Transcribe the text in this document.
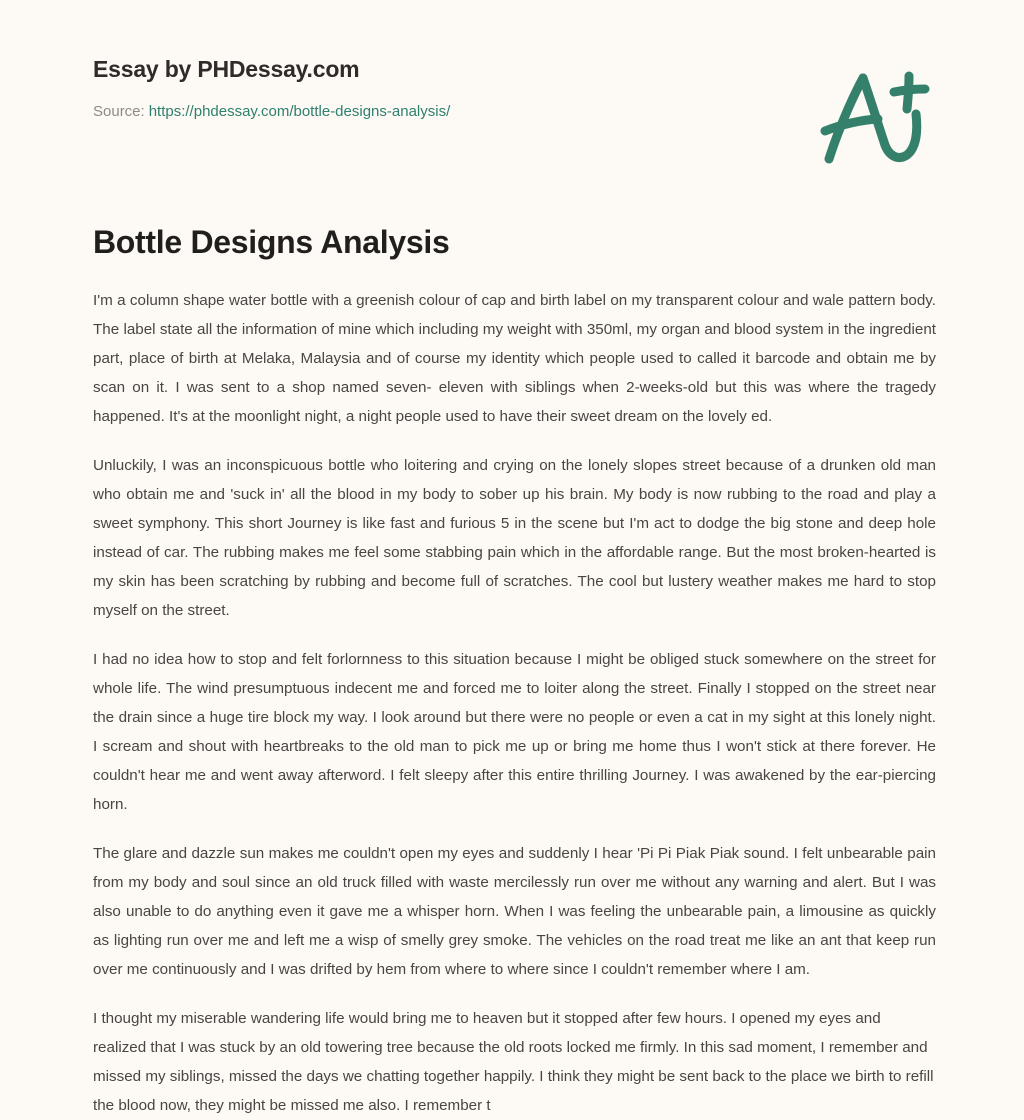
Essay by PHDessay.com
Source: https://phdessay.com/bottle-designs-analysis/
Bottle Designs Analysis

I'm a column shape water bottle with a greenish colour of cap and birth label on my transparent colour and wale pattern body. The label state all the information of mine which including my weight with 350ml, my organ and blood system in the ingredient part, place of birth at Melaka, Malaysia and of course my identity which people used to called it barcode and obtain me by scan on it. I was sent to a shop named seven- eleven with siblings when 2-weeks-old but this was where the tragedy happened. It's at the moonlight night, a night people used to have their sweet dream on the lovely ed.

Unluckily, I was an inconspicuous bottle who loitering and crying on the lonely slopes street because of a drunken old man who obtain me and 'suck in' all the blood in my body to sober up his brain. My body is now rubbing to the road and play a sweet symphony. This short Journey is like fast and furious 5 in the scene but I'm act to dodge the big stone and deep hole instead of car. The rubbing makes me feel some stabbing pain which in the affordable range. But the most broken-hearted is my skin has been scratching by rubbing and become full of scratches. The cool but lustery weather makes me hard to stop myself on the street.

I had no idea how to stop and felt forlornness to this situation because I might be obliged stuck somewhere on the street for whole life. The wind presumptuous indecent me and forced me to loiter along the street. Finally I stopped on the street near the drain since a huge tire block my way. I look around but there were no people or even a cat in my sight at this lonely night. I scream and shout with heartbreaks to the old man to pick me up or bring me home thus I won't stick at there forever. He couldn't hear me and went away afterword. I felt sleepy after this entire thrilling Journey. I was awakened by the ear-piercing horn.

The glare and dazzle sun makes me couldn't open my eyes and suddenly I hear 'Pi Pi Piak Piak sound. I felt unbearable pain from my body and soul since an old truck filled with waste mercilessly run over me without any warning and alert. But I was also unable to do anything even it gave me a whisper horn. When I was feeling the unbearable pain, a limousine as quickly as lighting run over me and left me a wisp of smelly grey smoke. The vehicles on the road treat me like an ant that keep run over me continuously and I was drifted by hem from where to where since I couldn't remember where I am.

I thought my miserable wandering life would bring me to heaven but it stopped after few hours. I opened my eyes and realized that I was stuck by an old towering tree because the old roots locked me firmly. In this sad moment, I remember and missed my siblings, missed the days we chatting together happily. I think they might be sent back to the place we birth to refill the blood now, they might be missed me also. I remember t
